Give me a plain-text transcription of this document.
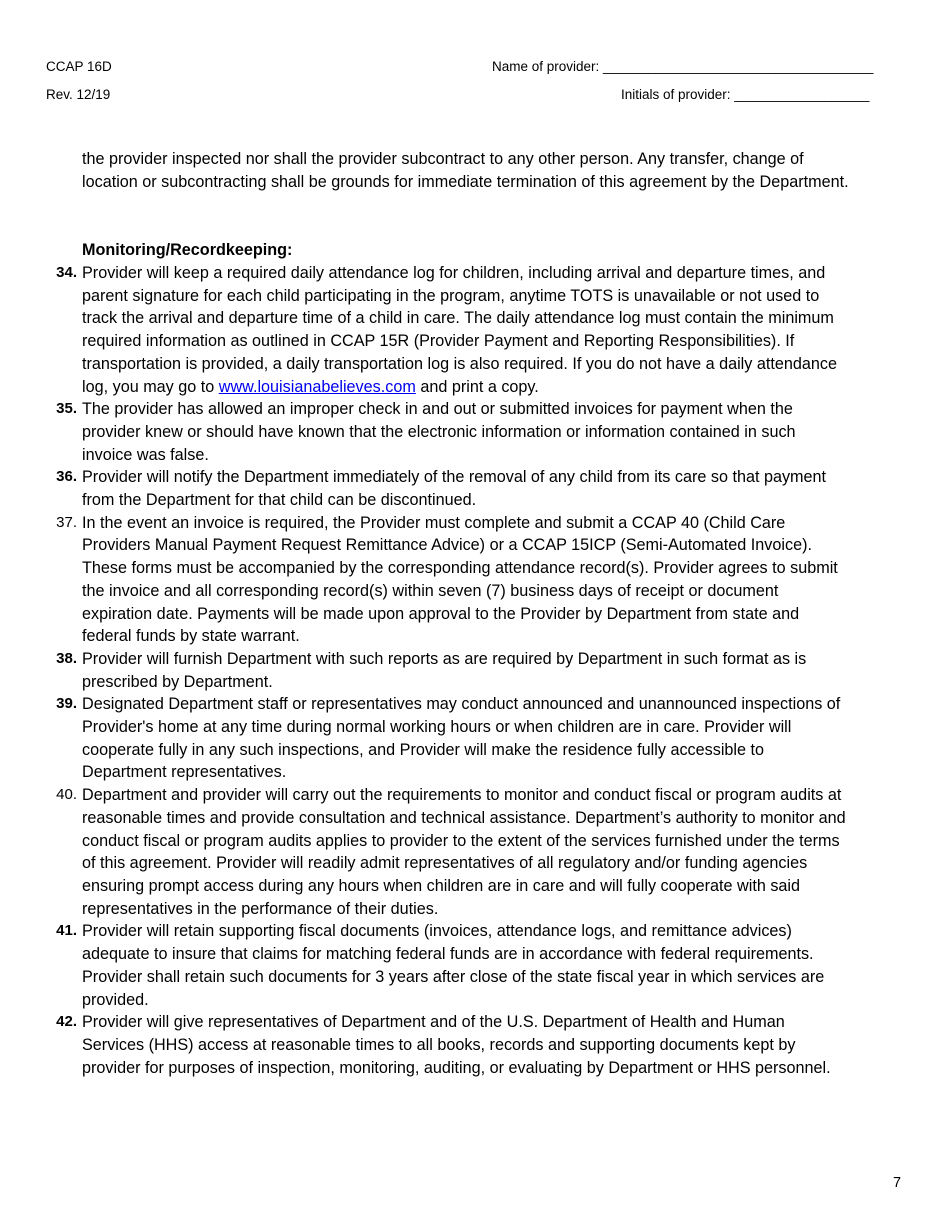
CCAP 16D
Rev. 12/19
Name of provider: ____________________________________
Initials of provider: __________________
the provider inspected nor shall the provider subcontract to any other person. Any transfer, change of location or subcontracting shall be grounds for immediate termination of this agreement by the Department.
Monitoring/Recordkeeping:
34. Provider will keep a required daily attendance log for children, including arrival and departure times, and parent signature for each child participating in the program, anytime TOTS is unavailable or not used to track the arrival and departure time of a child in care. The daily attendance log must contain the minimum required information as outlined in CCAP 15R (Provider Payment and Reporting Responsibilities). If transportation is provided, a daily transportation log is also required. If you do not have a daily attendance log, you may go to www.louisianabelieves.com and print a copy.
35. The provider has allowed an improper check in and out or submitted invoices for payment when the provider knew or should have known that the electronic information or information contained in such invoice was false.
36. Provider will notify the Department immediately of the removal of any child from its care so that payment from the Department for that child can be discontinued.
37. In the event an invoice is required, the Provider must complete and submit a CCAP 40 (Child Care Providers Manual Payment Request Remittance Advice) or a CCAP 15ICP (Semi-Automated Invoice). These forms must be accompanied by the corresponding attendance record(s). Provider agrees to submit the invoice and all corresponding record(s) within seven (7) business days of receipt or document expiration date. Payments will be made upon approval to the Provider by Department from state and federal funds by state warrant.
38. Provider will furnish Department with such reports as are required by Department in such format as is prescribed by Department.
39. Designated Department staff or representatives may conduct announced and unannounced inspections of Provider's home at any time during normal working hours or when children are in care. Provider will cooperate fully in any such inspections, and Provider will make the residence fully accessible to Department representatives.
40. Department and provider will carry out the requirements to monitor and conduct fiscal or program audits at reasonable times and provide consultation and technical assistance. Department’s authority to monitor and conduct fiscal or program audits applies to provider to the extent of the services furnished under the terms of this agreement. Provider will readily admit representatives of all regulatory and/or funding agencies ensuring prompt access during any hours when children are in care and will fully cooperate with said representatives in the performance of their duties.
41. Provider will retain supporting fiscal documents (invoices, attendance logs, and remittance advices) adequate to insure that claims for matching federal funds are in accordance with federal requirements. Provider shall retain such documents for 3 years after close of the state fiscal year in which services are provided.
42. Provider will give representatives of Department and of the U.S. Department of Health and Human Services (HHS) access at reasonable times to all books, records and supporting documents kept by provider for purposes of inspection, monitoring, auditing, or evaluating by Department or HHS personnel.
7
